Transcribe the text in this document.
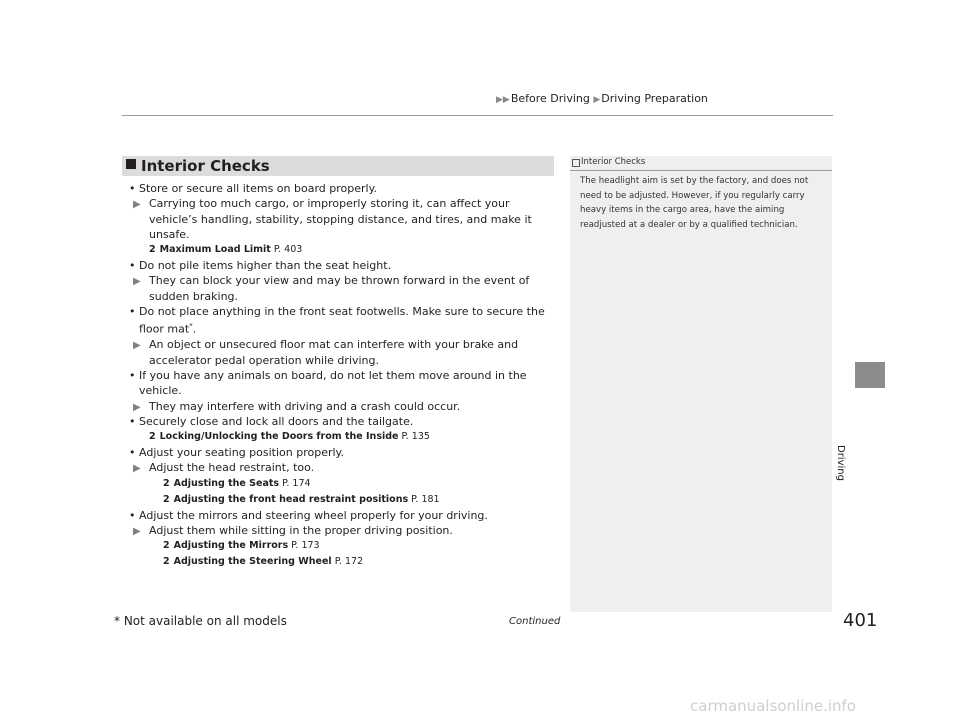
▶▶Before Driving ▶Driving Preparation
Driving
401
Interior Checks	Interior Checks
The headlight aim is set by the factory, and does not need to be adjusted. However, if you regularly carry heavy items in the cargo area, have the aiming readjusted at a dealer or by a qualified technician.

• Store or secure all items on board properly.

▶ Carrying too much cargo, or improperly storing it, can affect your vehicle’s handling, stability, stopping distance, and tires, and make it unsafe.

2 Maximum Load Limit P. 403

• Do not pile items higher than the seat height.

▶ They can block your view and may be thrown forward in the event of sudden braking.

• Do not place anything in the front seat footwells. Make sure to secure the floor mat*.

▶ An object or unsecured floor mat can interfere with your brake and accelerator pedal operation while driving.

• If you have any animals on board, do not let them move around in the vehicle.

▶ They may interfere with driving and a crash could occur.

• Securely close and lock all doors and the tailgate.

2 Locking/Unlocking the Doors from the Inside P. 135

• Adjust your seating position properly.

▶ Adjust the head restraint, too.

2 Adjusting the Seats P. 174

2 Adjusting the front head restraint positions P. 181

• Adjust the mirrors and steering wheel properly for your driving.

▶ Adjust them while sitting in the proper driving position.

2 Adjusting the Mirrors P. 173

2 Adjusting the Steering Wheel P. 172

* Not available on all models	Continued
carmanualsonline.info
